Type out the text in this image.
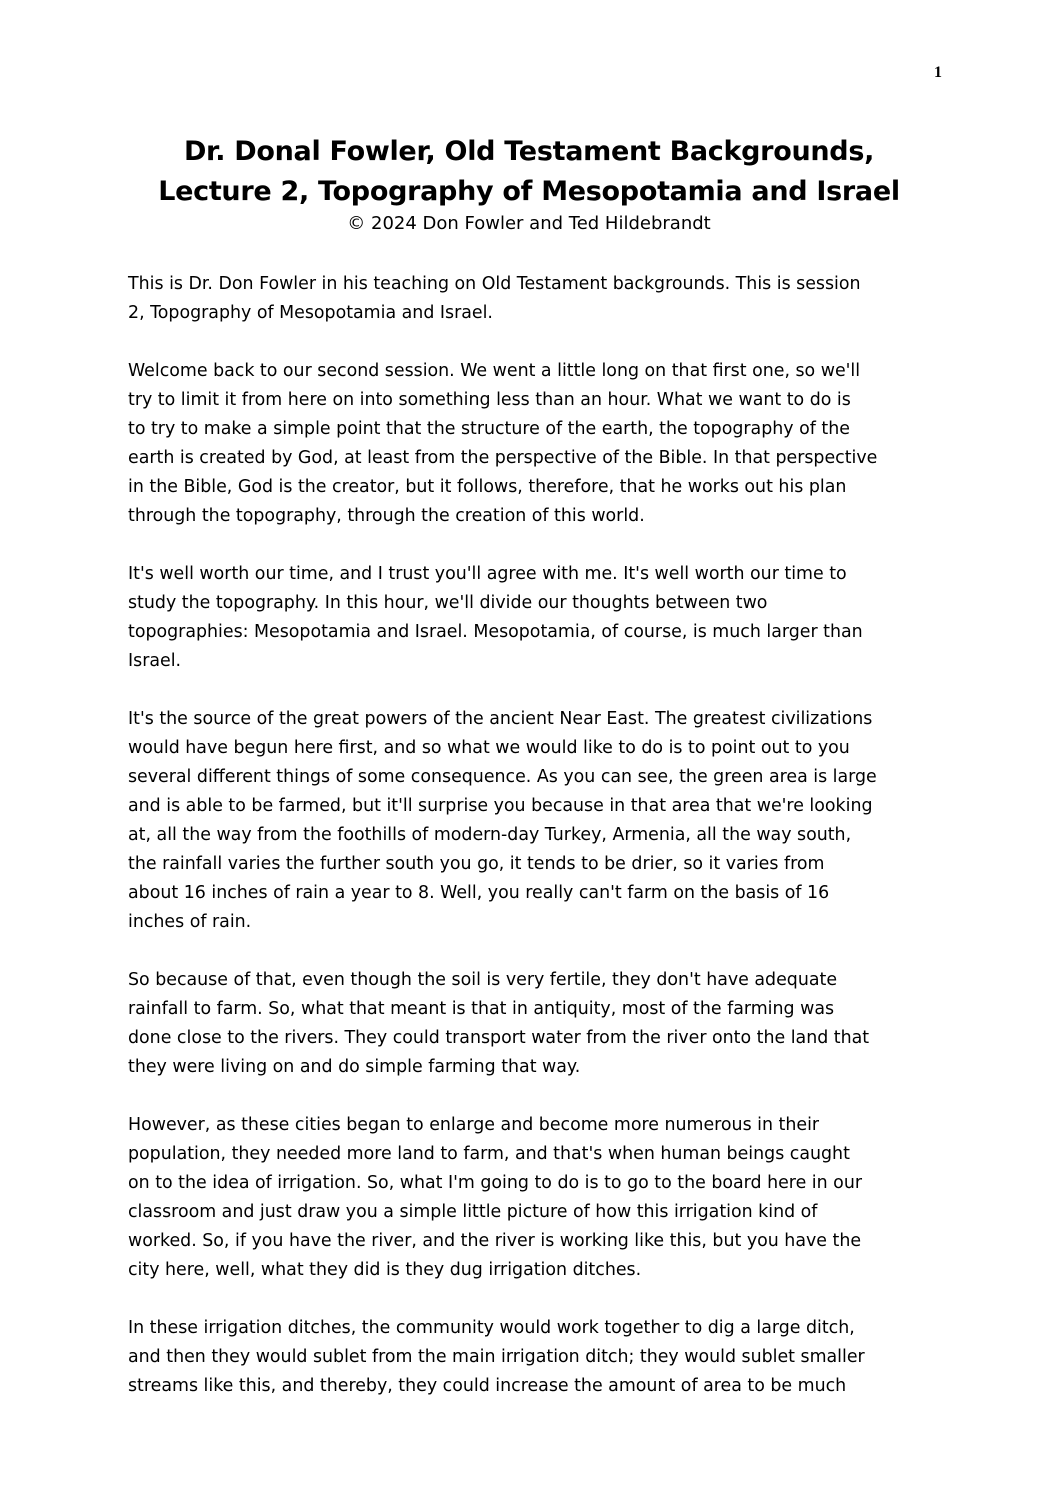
1
Dr. Donal Fowler, Old Testament Backgrounds,
Lecture 2, Topography of Mesopotamia and Israel
© 2024 Don Fowler and Ted Hildebrandt

This is Dr. Don Fowler in his teaching on Old Testament backgrounds. This is session
2, Topography of Mesopotamia and Israel.

Welcome back to our second session. We went a little long on that first one, so we'll
try to limit it from here on into something less than an hour. What we want to do is
to try to make a simple point that the structure of the earth, the topography of the
earth is created by God, at least from the perspective of the Bible. In that perspective
in the Bible, God is the creator, but it follows, therefore, that he works out his plan
through the topography, through the creation of this world.

It's well worth our time, and I trust you'll agree with me. It's well worth our time to
study the topography. In this hour, we'll divide our thoughts between two
topographies: Mesopotamia and Israel. Mesopotamia, of course, is much larger than
Israel.

It's the source of the great powers of the ancient Near East. The greatest civilizations
would have begun here first, and so what we would like to do is to point out to you
several different things of some consequence. As you can see, the green area is large
and is able to be farmed, but it'll surprise you because in that area that we're looking
at, all the way from the foothills of modern-day Turkey, Armenia, all the way south,
the rainfall varies the further south you go, it tends to be drier, so it varies from
about 16 inches of rain a year to 8. Well, you really can't farm on the basis of 16
inches of rain.

So because of that, even though the soil is very fertile, they don't have adequate
rainfall to farm. So, what that meant is that in antiquity, most of the farming was
done close to the rivers. They could transport water from the river onto the land that
they were living on and do simple farming that way.

However, as these cities began to enlarge and become more numerous in their
population, they needed more land to farm, and that's when human beings caught
on to the idea of irrigation. So, what I'm going to do is to go to the board here in our
classroom and just draw you a simple little picture of how this irrigation kind of
worked. So, if you have the river, and the river is working like this, but you have the
city here, well, what they did is they dug irrigation ditches.

In these irrigation ditches, the community would work together to dig a large ditch,
and then they would sublet from the main irrigation ditch; they would sublet smaller
streams like this, and thereby, they could increase the amount of area to be much
